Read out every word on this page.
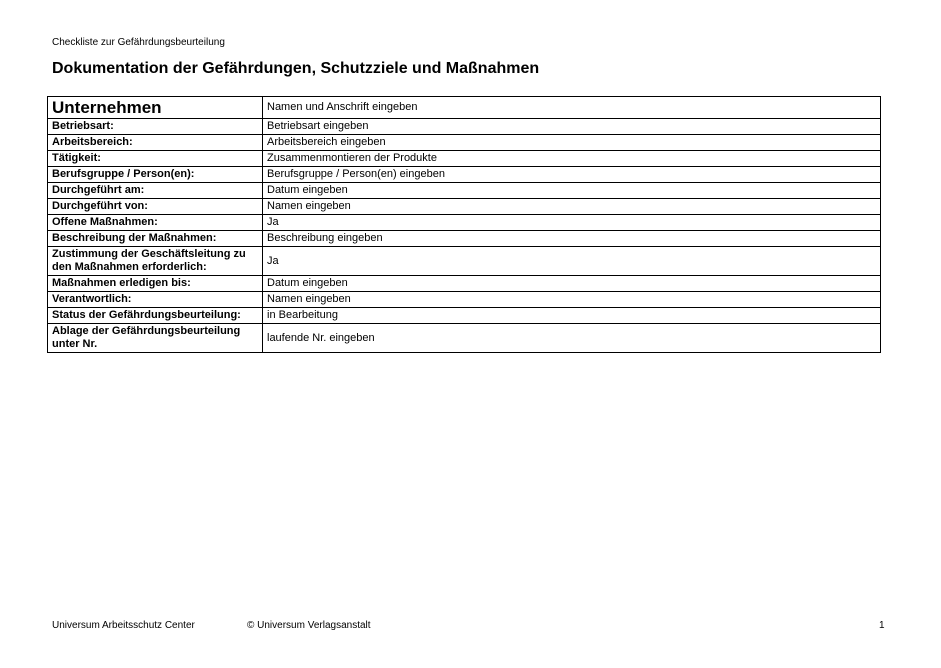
Checkliste zur Gefährdungsbeurteilung
Dokumentation der Gefährdungen, Schutzziele und Maßnahmen
Unternehmen	Namen und Anschrift eingeben
Betriebsart:	Betriebsart eingeben
Arbeitsbereich:	Arbeitsbereich eingeben
Tätigkeit:	Zusammenmontieren der Produkte
Berufsgruppe / Person(en):	Berufsgruppe / Person(en) eingeben
Durchgeführt am:	Datum eingeben
Durchgeführt von:	Namen eingeben
Offene Maßnahmen:	Ja
Beschreibung der Maßnahmen:	Beschreibung eingeben
Zustimmung der Geschäftsleitung zu den Maßnahmen erforderlich:	Ja
Maßnahmen erledigen bis:	Datum eingeben
Verantwortlich:	Namen eingeben
Status der Gefährdungsbeurteilung:	in Bearbeitung
Ablage der Gefährdungsbeurteilung unter Nr.	laufende Nr. eingeben
Universum Arbeitsschutz Center	© Universum Verlagsanstalt	1
